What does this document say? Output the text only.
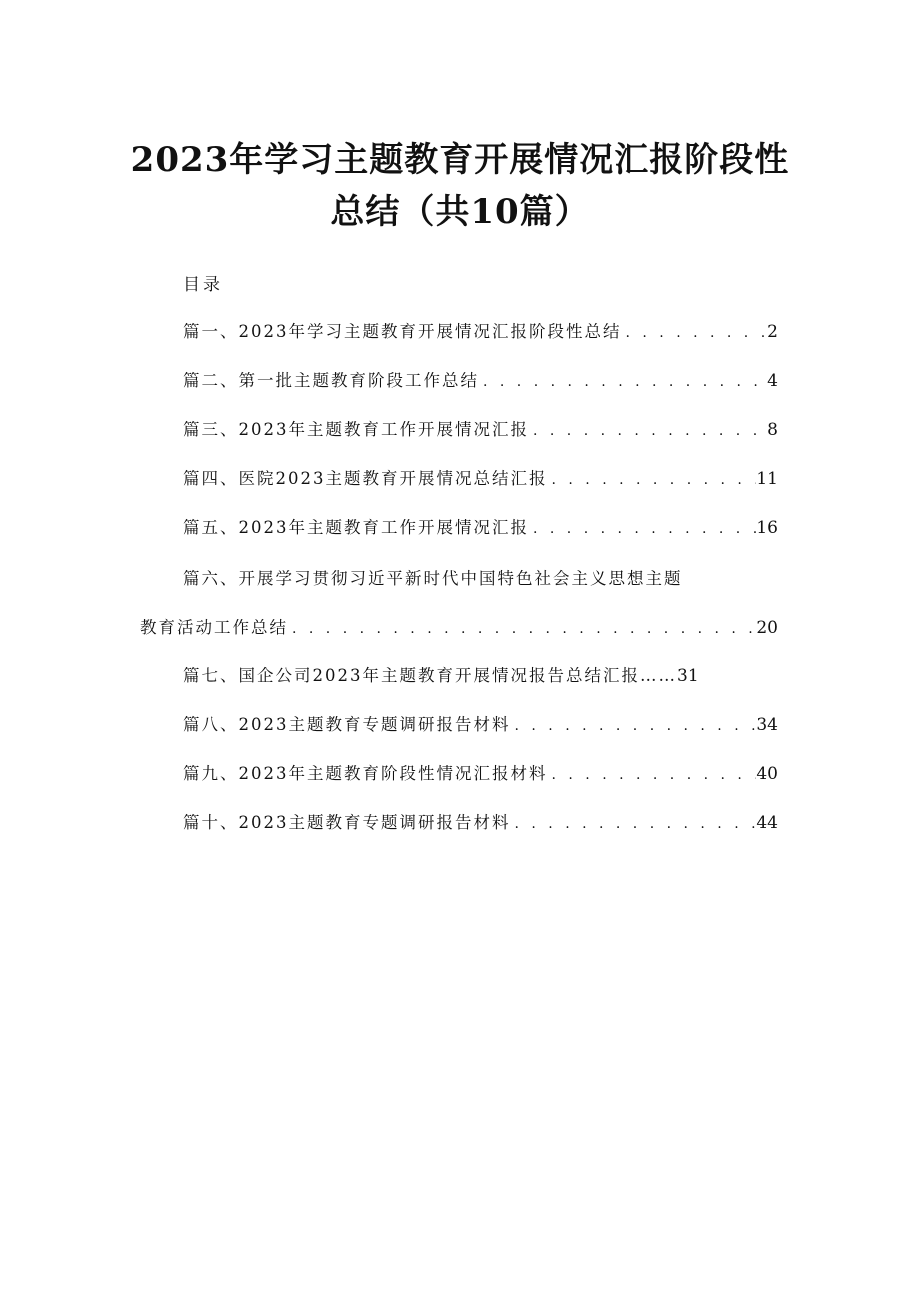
2023年学习主题教育开展情况汇报阶段性
总结（共10篇）
目录
篇一、2023年学习主题教育开展情况汇报阶段性总结 . . .	2
篇二、第一批主题教育阶段工作总结 . . .	4
篇三、2023年主题教育工作开展情况汇报 . . .	8
篇四、医院2023主题教育开展情况总结汇报 . . .	11
篇五、2023年主题教育工作开展情况汇报 . . .	16
篇六、开展学习贯彻习近平新时代中国特色社会主义思想主题
教育活动工作总结 . . .	20
篇七、国企公司2023年主题教育开展情况报告总结汇报…… 31
篇八、2023主题教育专题调研报告材料 . . .	34
篇九、2023年主题教育阶段性情况汇报材料 . . .	40
篇十、2023主题教育专题调研报告材料 . . .	44
